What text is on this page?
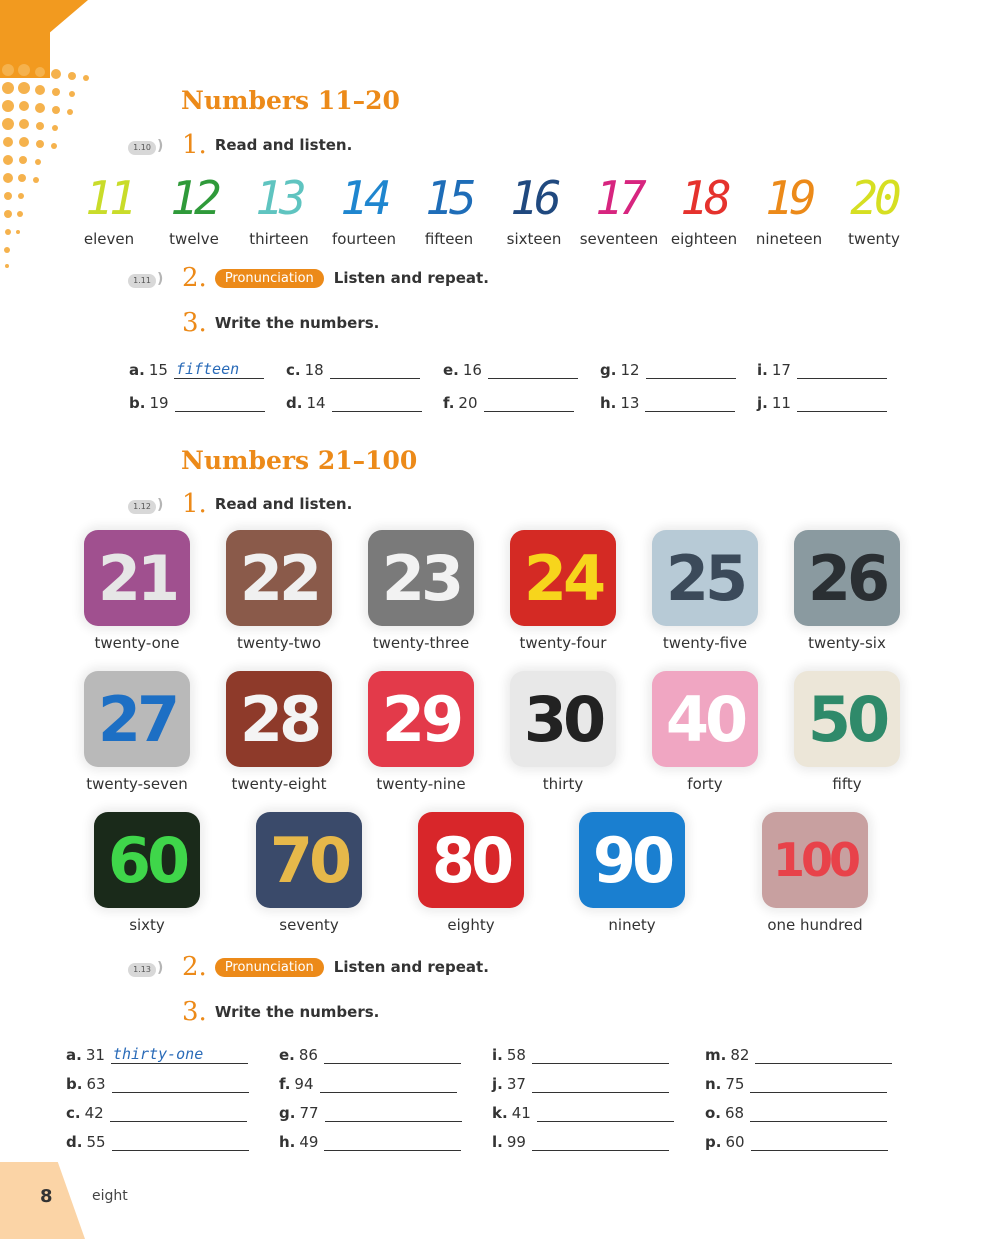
Numbers 11–20
1.10 ))) 1. Read and listen.
11
eleven
12
twelve
13
thirteen
14
fourteen
15
fifteen
16
sixteen
17
seventeen
18
eighteen
19
nineteen
20
twenty
1.11 ))) 2.	Pronunciation	Listen and repeat.
3. Write the numbers.
a. 15 fifteen	c. 18	e. 16	g. 12	i. 17
b. 19	d. 14	f. 20	h. 13	j. 11
Numbers 21–100
1.12 ))) 1. Read and listen.
21
twenty-one
22
twenty-two
23
twenty-three
24
twenty-four
25
twenty-five
26
twenty-six
27
twenty-seven
28
twenty-eight
29
twenty-nine
30
thirty
40
forty
50
fifty
60
sixty
70
seventy
80
eighty
90
ninety
100
one hundred
1.13 ))) 2.	Pronunciation	Listen and repeat.
3. Write the numbers.
a. 31 thirty-one	e. 86	i. 58	m. 82
b. 63	f. 94	j. 37	n. 75
c. 42	g. 77	k. 41	o. 68
d. 55	h. 49	l. 99	p. 60
8	eight
